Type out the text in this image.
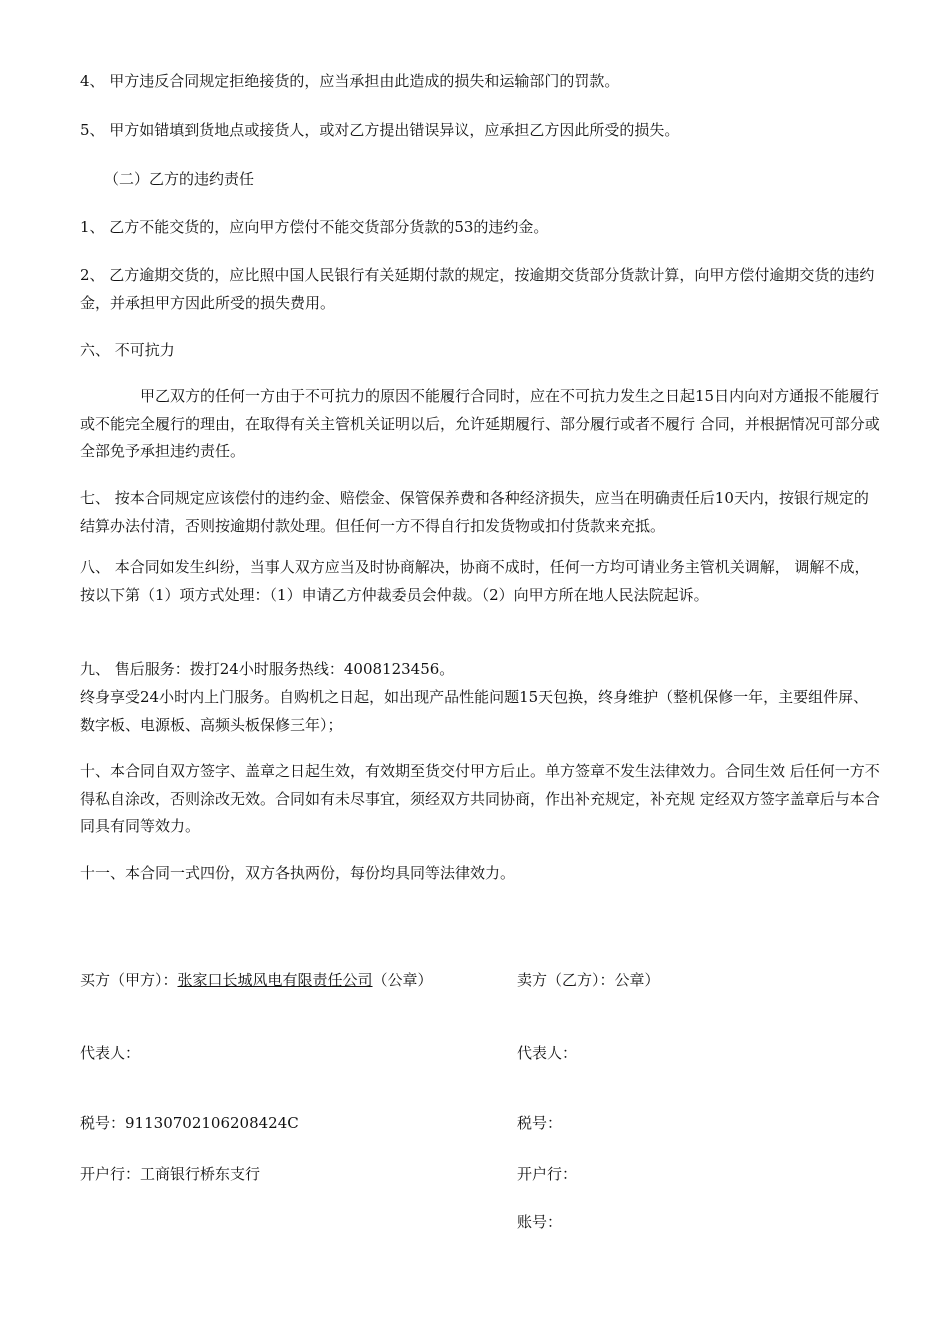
4、 甲方违反合同规定拒绝接货的，应当承担由此造成的损失和运输部门的罚款。

5、 甲方如错填到货地点或接货人，或对乙方提出错误异议，应承担乙方因此所受的损失。

（二）乙方的违约责任

1、 乙方不能交货的，应向甲方偿付不能交货部分货款的53的违约金。

2、 乙方逾期交货的，应比照中国人民银行有关延期付款的规定，按逾期交货部分货款计算，向甲方偿付逾期交货的违约金，并承担甲方因此所受的损失费用。

六、 不可抗力

甲乙双方的任何一方由于不可抗力的原因不能履行合同时，应在不可抗力发生之日起15日内向对方通报不能履行或不能完全履行的理由，在取得有关主管机关证明以后，允许延期履行、部分履行或者不履行 合同，并根据情况可部分或全部免予承担违约责任。

七、 按本合同规定应该偿付的违约金、赔偿金、保管保养费和各种经济损失，应当在明确责任后10天内，按银行规定的结算办法付清，否则按逾期付款处理。但任何一方不得自行扣发货物或扣付货款来充抵。

八、 本合同如发生纠纷，当事人双方应当及时协商解决，协商不成时，任何一方均可请业务主管机关调解， 调解不成，按以下第（1）项方式处理：（1）申请乙方仲裁委员会仲裁。（2）向甲方所在地人民法院起诉。

九、 售后服务：拨打24小时服务热线：4008123456。

终身享受24小时内上门服务。自购机之日起，如出现产品性能问题15天包换，终身维护（整机保修一年，主要组件屏、数字板、电源板、高频头板保修三年）；

十、本合同自双方签字、盖章之日起生效，有效期至货交付甲方后止。单方签章不发生法律效力。合同生效 后任何一方不得私自涂改，否则涂改无效。合同如有未尽事宜，须经双方共同协商，作出补充规定，补充规 定经双方签字盖章后与本合同具有同等效力。

十一、本合同一式四份，双方各执两份，每份均具同等法律效力。

买方（甲方）：张家口长城风电有限责任公司（公章）
代表人：
税号：91130702106208424C
开户行：工商银行桥东支行
卖方（乙方）：公章）
代表人：
税号：
开户行：
账号：
